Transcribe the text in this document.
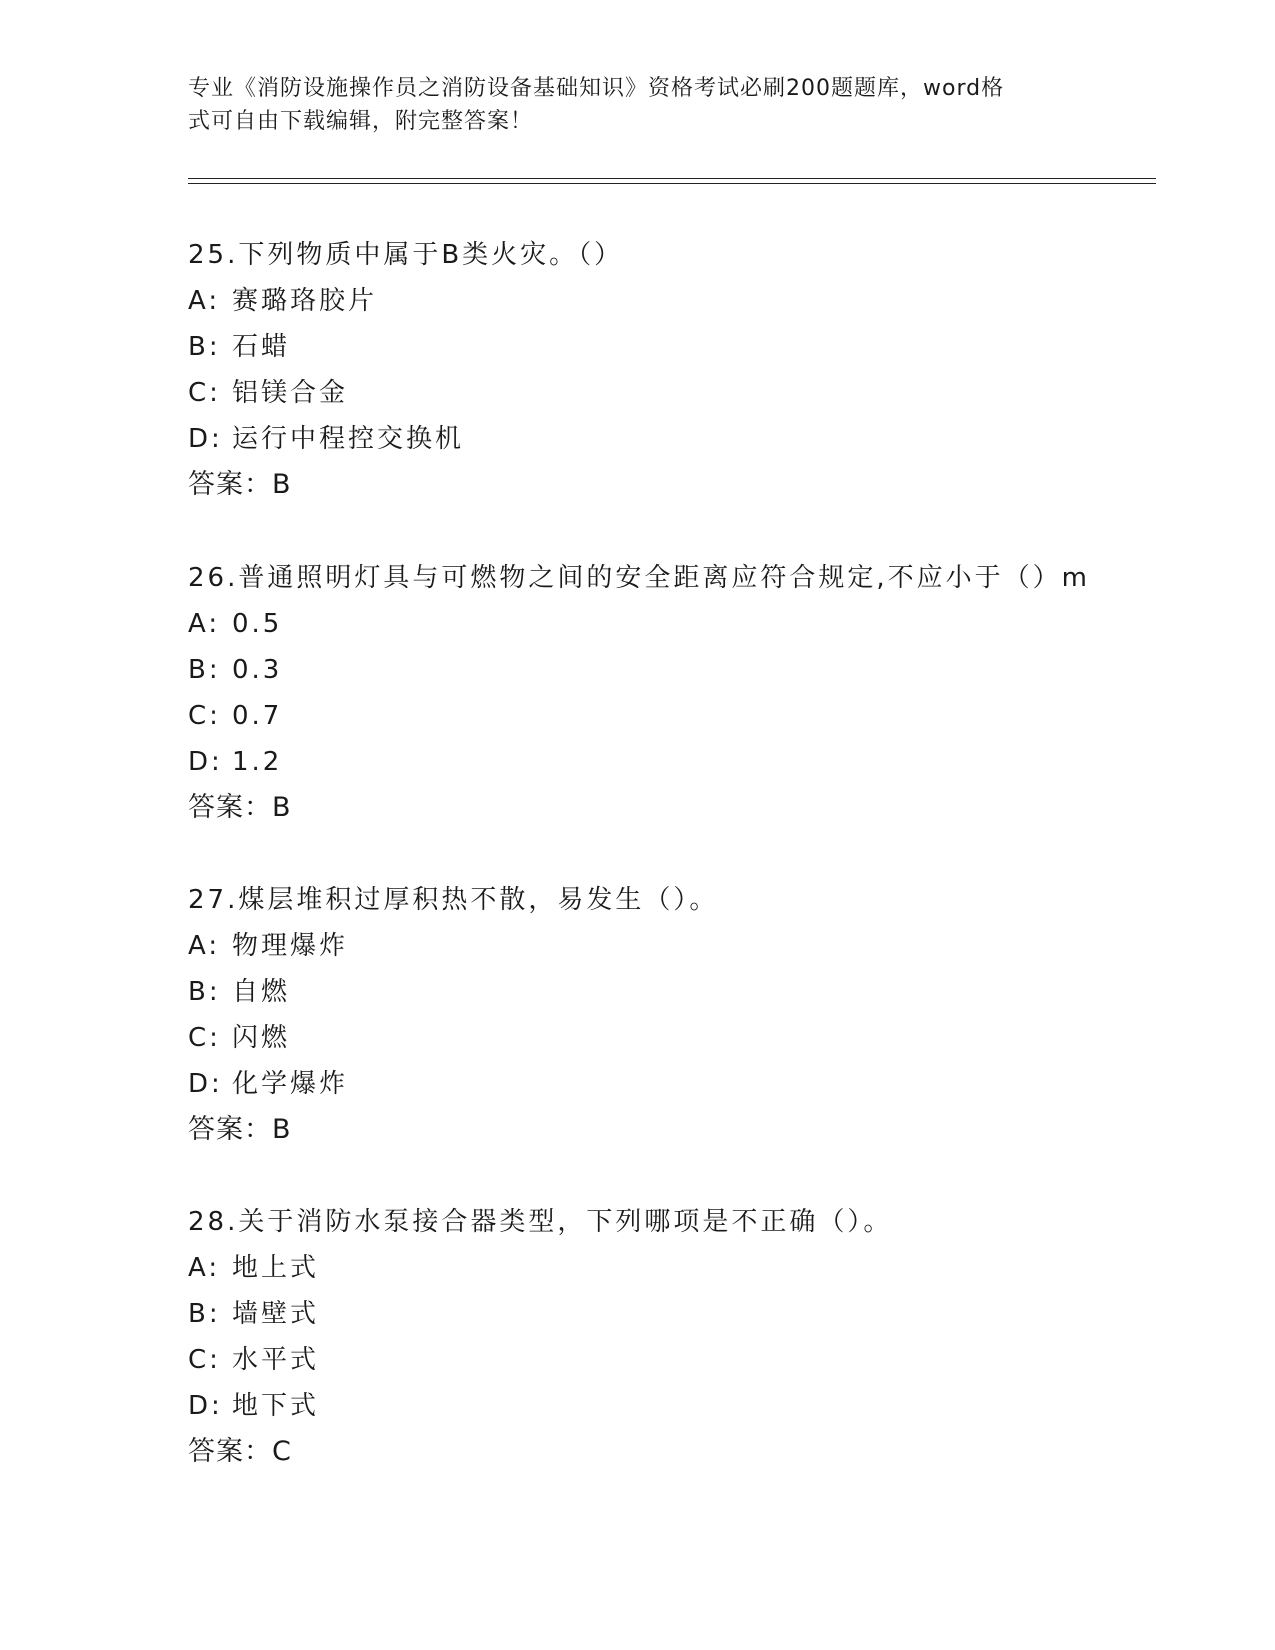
专业《消防设施操作员之消防设备基础知识》资格考试必刷200题题库，word格
式可自由下载编辑，附完整答案！
25.下列物质中属于B类火灾。（）
A: 赛璐珞胶片
B: 石蜡
C: 铝镁合金
D: 运行中程控交换机
答案：B
26.普通照明灯具与可燃物之间的安全距离应符合规定,不应小于（）m
A: 0.5
B: 0.3
C: 0.7
D: 1.2
答案：B
27.煤层堆积过厚积热不散，易发生（）。
A: 物理爆炸
B: 自燃
C: 闪燃
D: 化学爆炸
答案：B
28.关于消防水泵接合器类型，下列哪项是不正确（）。
A: 地上式
B: 墙壁式
C: 水平式
D: 地下式
答案：C
